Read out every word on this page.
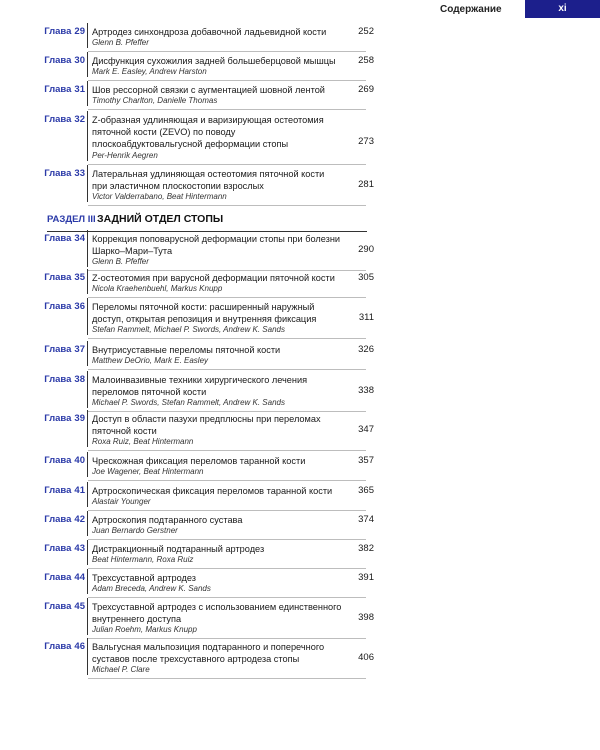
Содержание	xi
РАЗДЕЛ III ЗАДНИЙ ОТДЕЛ СТОПЫ
Глава 29 Артродез синхондроза добавочной ладьевидной кости
Glenn B. Pfeffer
252
Глава 30 Дисфункция сухожилия задней большеберцовой мышцы
Mark E. Easley, Andrew Harston
258
Глава 31 Шов рессорной связки с аугментацией шовной лентой
Timothy Charlton, Danielle Thomas
269
Глава 32 Z-образная удлиняющая и варизирующая остеотомия пяточной кости (ZEVO) по поводу плоскоабдуктовальгусной деформации стопы
Per-Henrik Aegren
273
Глава 33 Латеральная удлиняющая остеотомия пяточной кости при эластичном плоскостопии взрослых
Victor Valderrabano, Beat Hintermann
281
Глава 34 Коррекция поповарусной деформации стопы при болезни Шарко–Мари–Тута
Glenn B. Pfeffer
290
Глава 35 Z-остеотомия при варусной деформации пяточной кости
Nicola Kraehenbuehl, Markus Knupp
305
Глава 36 Переломы пяточной кости: расширенный наружный доступ, открытая репозиция и внутренняя фиксация
Stefan Rammelt, Michael P. Swords, Andrew K. Sands
311
Глава 37 Внутрисуставные переломы пяточной кости
Matthew DeOrio, Mark E. Easley
326
Глава 38 Малоинвазивные техники хирургического лечения переломов пяточной кости
Michael P. Swords, Stefan Rammelt, Andrew K. Sands
338
Глава 39 Доступ в области пазухи предплюсны при переломах пяточной кости
Roxa Ruiz, Beat Hintermann
347
Глава 40 Чрескожная фиксация переломов таранной кости
Joe Wagener, Beat Hintermann
357
Глава 41 Артроскопическая фиксация переломов таранной кости
Alastair Younger
365
Глава 42 Артроскопия подтаранного сустава
Juan Bernardo Gerstner
374
Глава 43 Дистракционный подтаранный артродез
Beat Hintermann, Roxa Ruiz
382
Глава 44 Трехсуставной артродез
Adam Breceda, Andrew K. Sands
391
Глава 45 Трехсуставной артродез с использованием единственного внутреннего доступа
Julian Roehm, Markus Knupp
398
Глава 46 Вальгусная мальпозиция подтаранного и поперечного суставов после трехсуставного артродеза стопы
Michael P. Clare
406
